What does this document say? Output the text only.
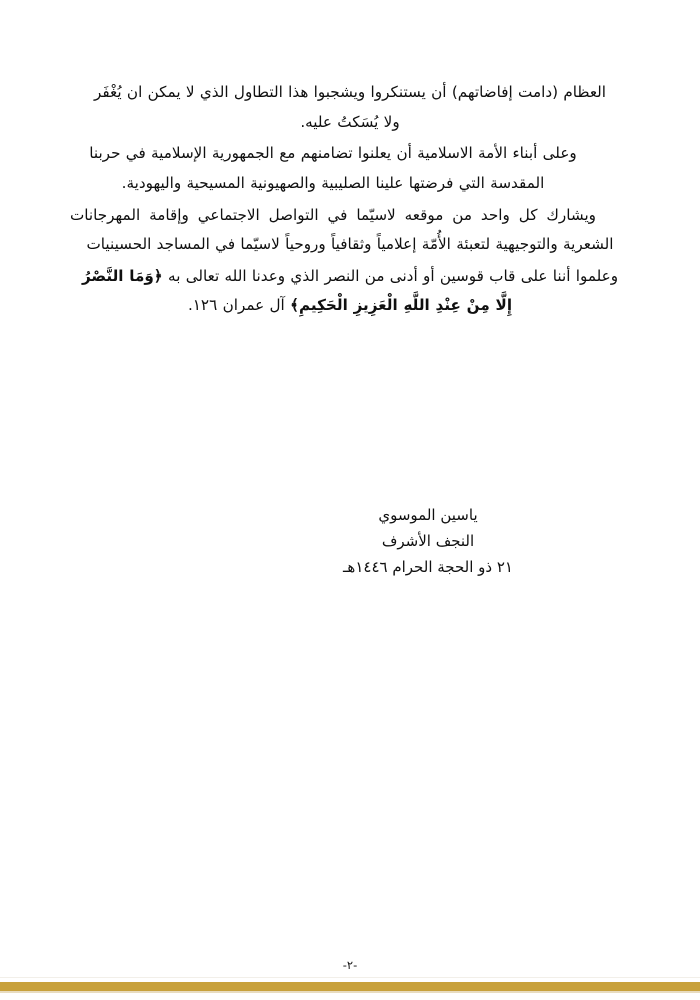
العظام (دامت إفاضاتهم) أن يستنكروا ويشجبوا هذا التطاول الذي لا يمكن ان يُغْفَر
ولا يُسَكتُ عليه.

وعلى أبناء الأمة الاسلامية أن يعلنوا تضامنهم مع الجمهورية الإسلامية في حربنا
المقدسة التي فرضتها علينا الصليبية والصهيونية المسيحية واليهودية.

ويشارك كل واحد من موقعه لاسيّما في التواصل الاجتماعي وإقامة المهرجانات الشعرية والتوجيهية لتعبئة الأُمّة إعلامياً وثقافياً وروحياً لاسيّما في المساجد الحسينيات

وعلموا أننا على قاب قوسين أو أدنى من النصر الذي وعدنا الله تعالى به ﴿وَمَا النَّصْرُ
إِلَّا مِنْ عِنْدِ اللَّهِ الْعَزِيزِ الْحَكِيمِ﴾ آل عمران ١٢٦.

ياسين الموسوي
النجف الأشرف
٢١ ذو الحجة الحرام ١٤٤٦هـ
-٢-
